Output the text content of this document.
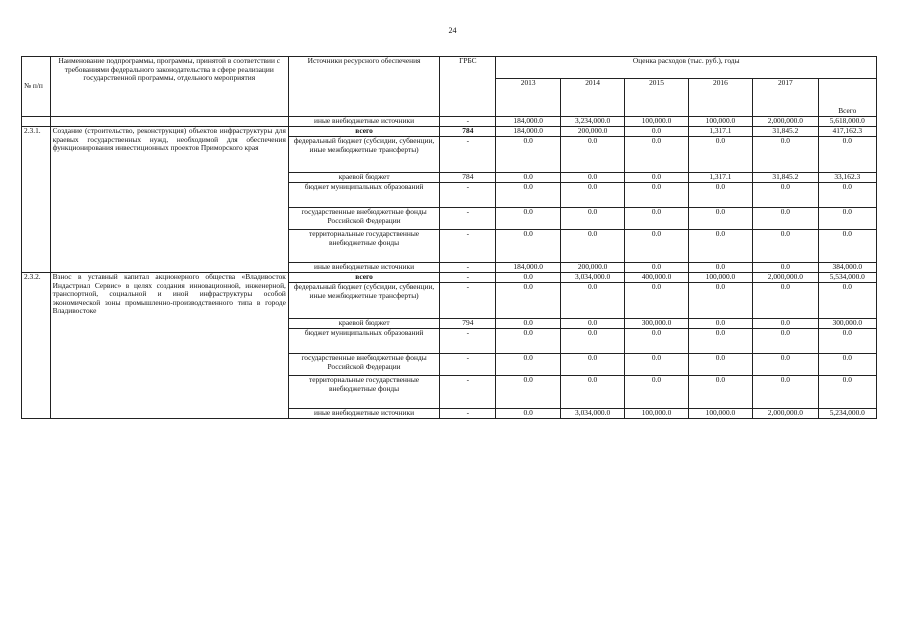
24
№ п/п	Наименование подпрограммы, программы, принятой в соответствии с требованиями федерального законодательства в сфере реализации государственной программы, отдельного мероприятия	Источники ресурсного обеспечения	ГРБС	Оценка расходов (тыс. руб.), годы					
				2013	2014	2015	2016	2017	Всего
		иные внебюджетные источники	-	184,000.0	3,234,000.0	100,000.0	100,000.0	2,000,000.0	5,618,000.0
2.3.1.	Создание (строительство, реконструкция) объектов инфраструктуры для краевых государственных нужд, необходимой для обеспечения функционирования инвестиционных проектов Приморского края	всего	784	184,000.0	200,000.0	0.0	1,317.1	31,845.2	417,162.3
		федеральный бюджет (субсидии, субвенции, иные межбюджетные трансферты)	-	0.0	0.0	0.0	0.0	0.0	0.0
		краевой бюджет	784	0.0	0.0	0.0	1,317.1	31,845.2	33,162.3
		бюджет муниципальных образований	-	0.0	0.0	0.0	0.0	0.0	0.0
		государственные внебюджетные фонды Российской Федерации	-	0.0	0.0	0.0	0.0	0.0	0.0
		территориальные государственные внебюджетные фонды	-	0.0	0.0	0.0	0.0	0.0	0.0
		иные внебюджетные источники	-	184,000.0	200,000.0	0.0	0.0	0.0	384,000.0
2.3.2.	Взнос в уставный капитал акционерного общества «Владивосток Индастриал Сервис» в целях создания инновационной, инженерной, транспортной, социальной и иной инфраструктуры особой экономической зоны промышленно-производственного типа в городе Владивостоке	всего	-	0.0	3,034,000.0	400,000.0	100,000.0	2,000,000.0	5,534,000.0
		федеральный бюджет (субсидии, субвенции, иные межбюджетные трансферты)	-	0.0	0.0	0.0	0.0	0.0	0.0
		краевой бюджет	794	0.0	0.0	300,000.0	0.0	0.0	300,000.0
		бюджет муниципальных образований	-	0.0	0.0	0.0	0.0	0.0	0.0
		государственные внебюджетные фонды Российской Федерации	-	0.0	0.0	0.0	0.0	0.0	0.0
		территориальные государственные внебюджетные фонды	-	0.0	0.0	0.0	0.0	0.0	0.0
		иные внебюджетные источники	-	0.0	3,034,000.0	100,000.0	100,000.0	2,000,000.0	5,234,000.0
